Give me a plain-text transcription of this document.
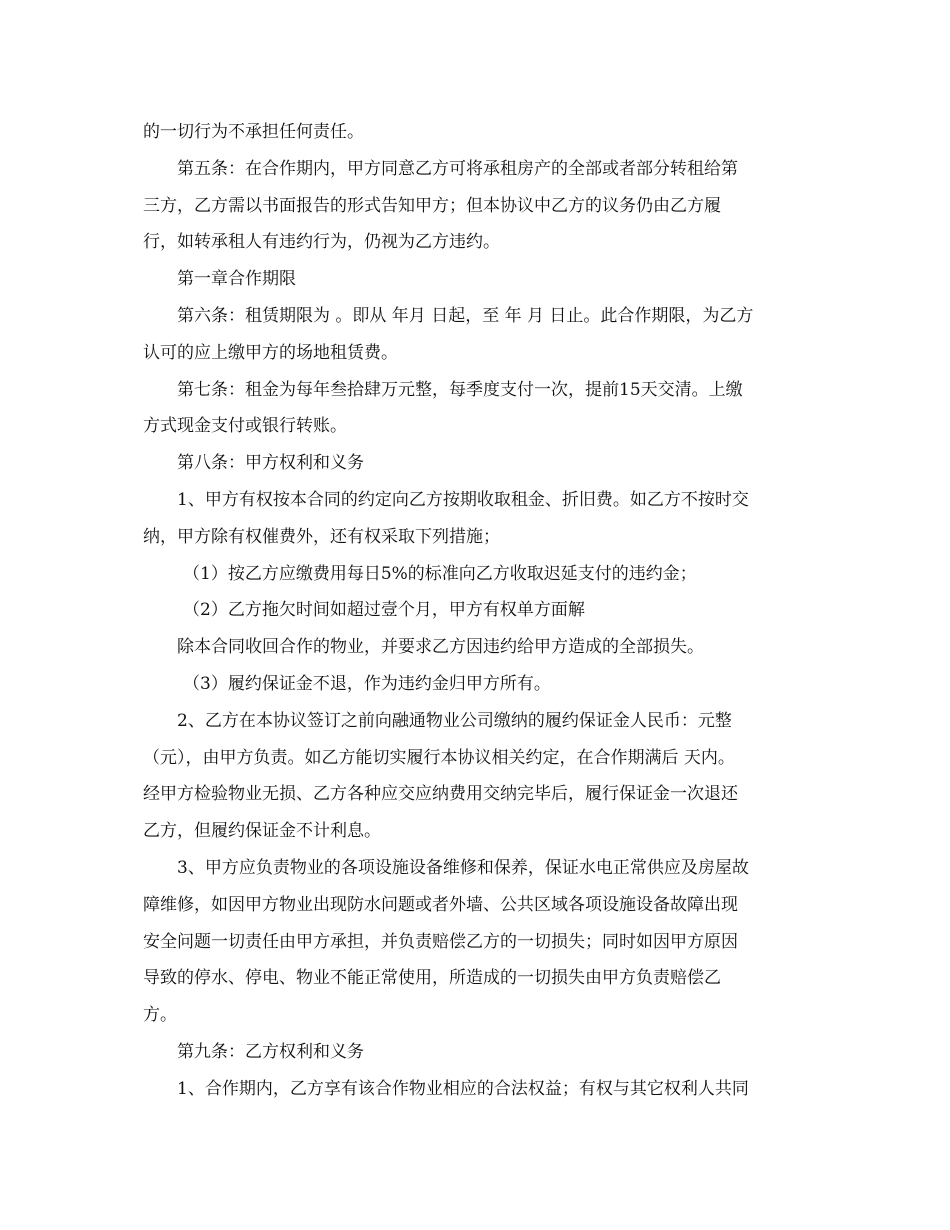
的一切行为不承担任何责任。
第五条：在合作期内，甲方同意乙方可将承租房产的全部或者部分转租给第
三方，乙方需以书面报告的形式告知甲方；但本协议中乙方的议务仍由乙方履
行，如转承租人有违约行为，仍视为乙方违约。
第一章合作期限
第六条：租赁期限为 。即从 年月 日起，至 年 月 日止。此合作期限，为乙方
认可的应上缴甲方的场地租赁费。
第七条：租金为每年叁拾肆万元整，每季度支付一次，提前15天交清。上缴
方式现金支付或银行转账。
第八条：甲方权利和义务
1、甲方有权按本合同的约定向乙方按期收取租金、折旧费。如乙方不按时交
纳，甲方除有权催费外，还有权采取下列措施；
（1）按乙方应缴费用每日5%的标准向乙方收取迟延支付的违约金；
（2）乙方拖欠时间如超过壹个月，甲方有权单方面解
除本合同收回合作的物业，并要求乙方因违约给甲方造成的全部损失。
（3）履约保证金不退，作为违约金归甲方所有。
2、乙方在本协议签订之前向融通物业公司缴纳的履约保证金人民币：元整
（元），由甲方负责。如乙方能切实履行本协议相关约定，在合作期满后 天内。
经甲方检验物业无损、乙方各种应交应纳费用交纳完毕后，履行保证金一次退还
乙方，但履约保证金不计利息。
3、甲方应负责物业的各项设施设备维修和保养，保证水电正常供应及房屋故
障维修，如因甲方物业出现防水问题或者外墙、公共区域各项设施设备故障出现
安全问题一切责任由甲方承担，并负责赔偿乙方的一切损失；同时如因甲方原因
导致的停水、停电、物业不能正常使用，所造成的一切损失由甲方负责赔偿乙
方。
第九条：乙方权利和义务
1、合作期内，乙方享有该合作物业相应的合法权益；有权与其它权利人共同
